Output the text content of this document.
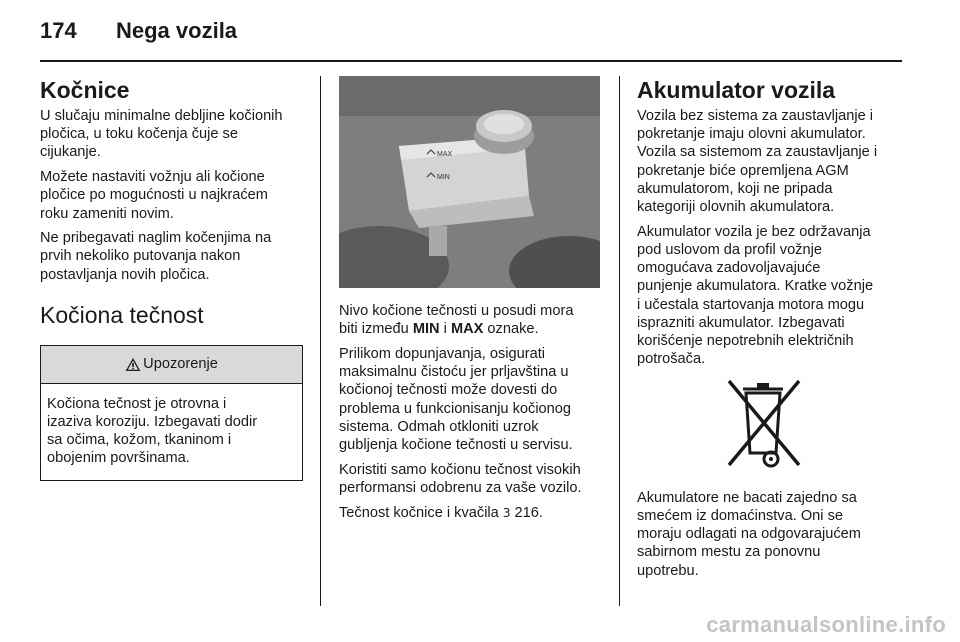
174	Nega vozila
Kočnice
U slučaju minimalne debljine kočionih
pločica, u toku kočenja čuje se
cijukanje.
Možete nastaviti vožnju ali kočione
pločice po mogućnosti u najkraćem
roku zameniti novim.
Ne pribegavati naglim kočenjima na
prvih nekoliko putovanja nakon
postavljanja novih pločica.
Kočiona tečnost
Upozorenje
Kočiona tečnost je otrovna i
izaziva koroziju. Izbegavati dodir
sa očima, kožom, tkaninom i
obojenim površinama.
MAX
MIN
Nivo kočione tečnosti u posudi mora
biti između MIN i MAX oznake.
Prilikom dopunjavanja, osigurati
maksimalnu čistoću jer prljavština u
kočionoj tečnosti može dovesti do
problema u funkcionisanju kočionog
sistema. Odmah otkloniti uzrok
gubljenja kočione tečnosti u servisu.
Koristiti samo kočionu tečnost visokih
performansi odobrenu za vaše vozilo.
Tečnost kočnice i kvačila 3 216.
Akumulator vozila
Vozila bez sistema za zaustavljanje i
pokretanje imaju olovni akumulator.
Vozila sa sistemom za zaustavljanje i
pokretanje biće opremljena AGM
akumulatorom, koji ne pripada
kategoriji olovnih akumulatora.
Akumulator vozila je bez održavanja
pod uslovom da profil vožnje
omogućava zadovoljavajuće
punjenje akumulatora. Kratke vožnje
i učestala startovanja motora mogu
isprazniti akumulator. Izbegavati
korišćenje nepotrebnih električnih
potrošača.
Akumulatore ne bacati zajedno sa
smećem iz domaćinstva. Oni se
moraju odlagati na odgovarajućem
sabirnom mestu za ponovnu
upotrebu.
carmanualsonline.info
